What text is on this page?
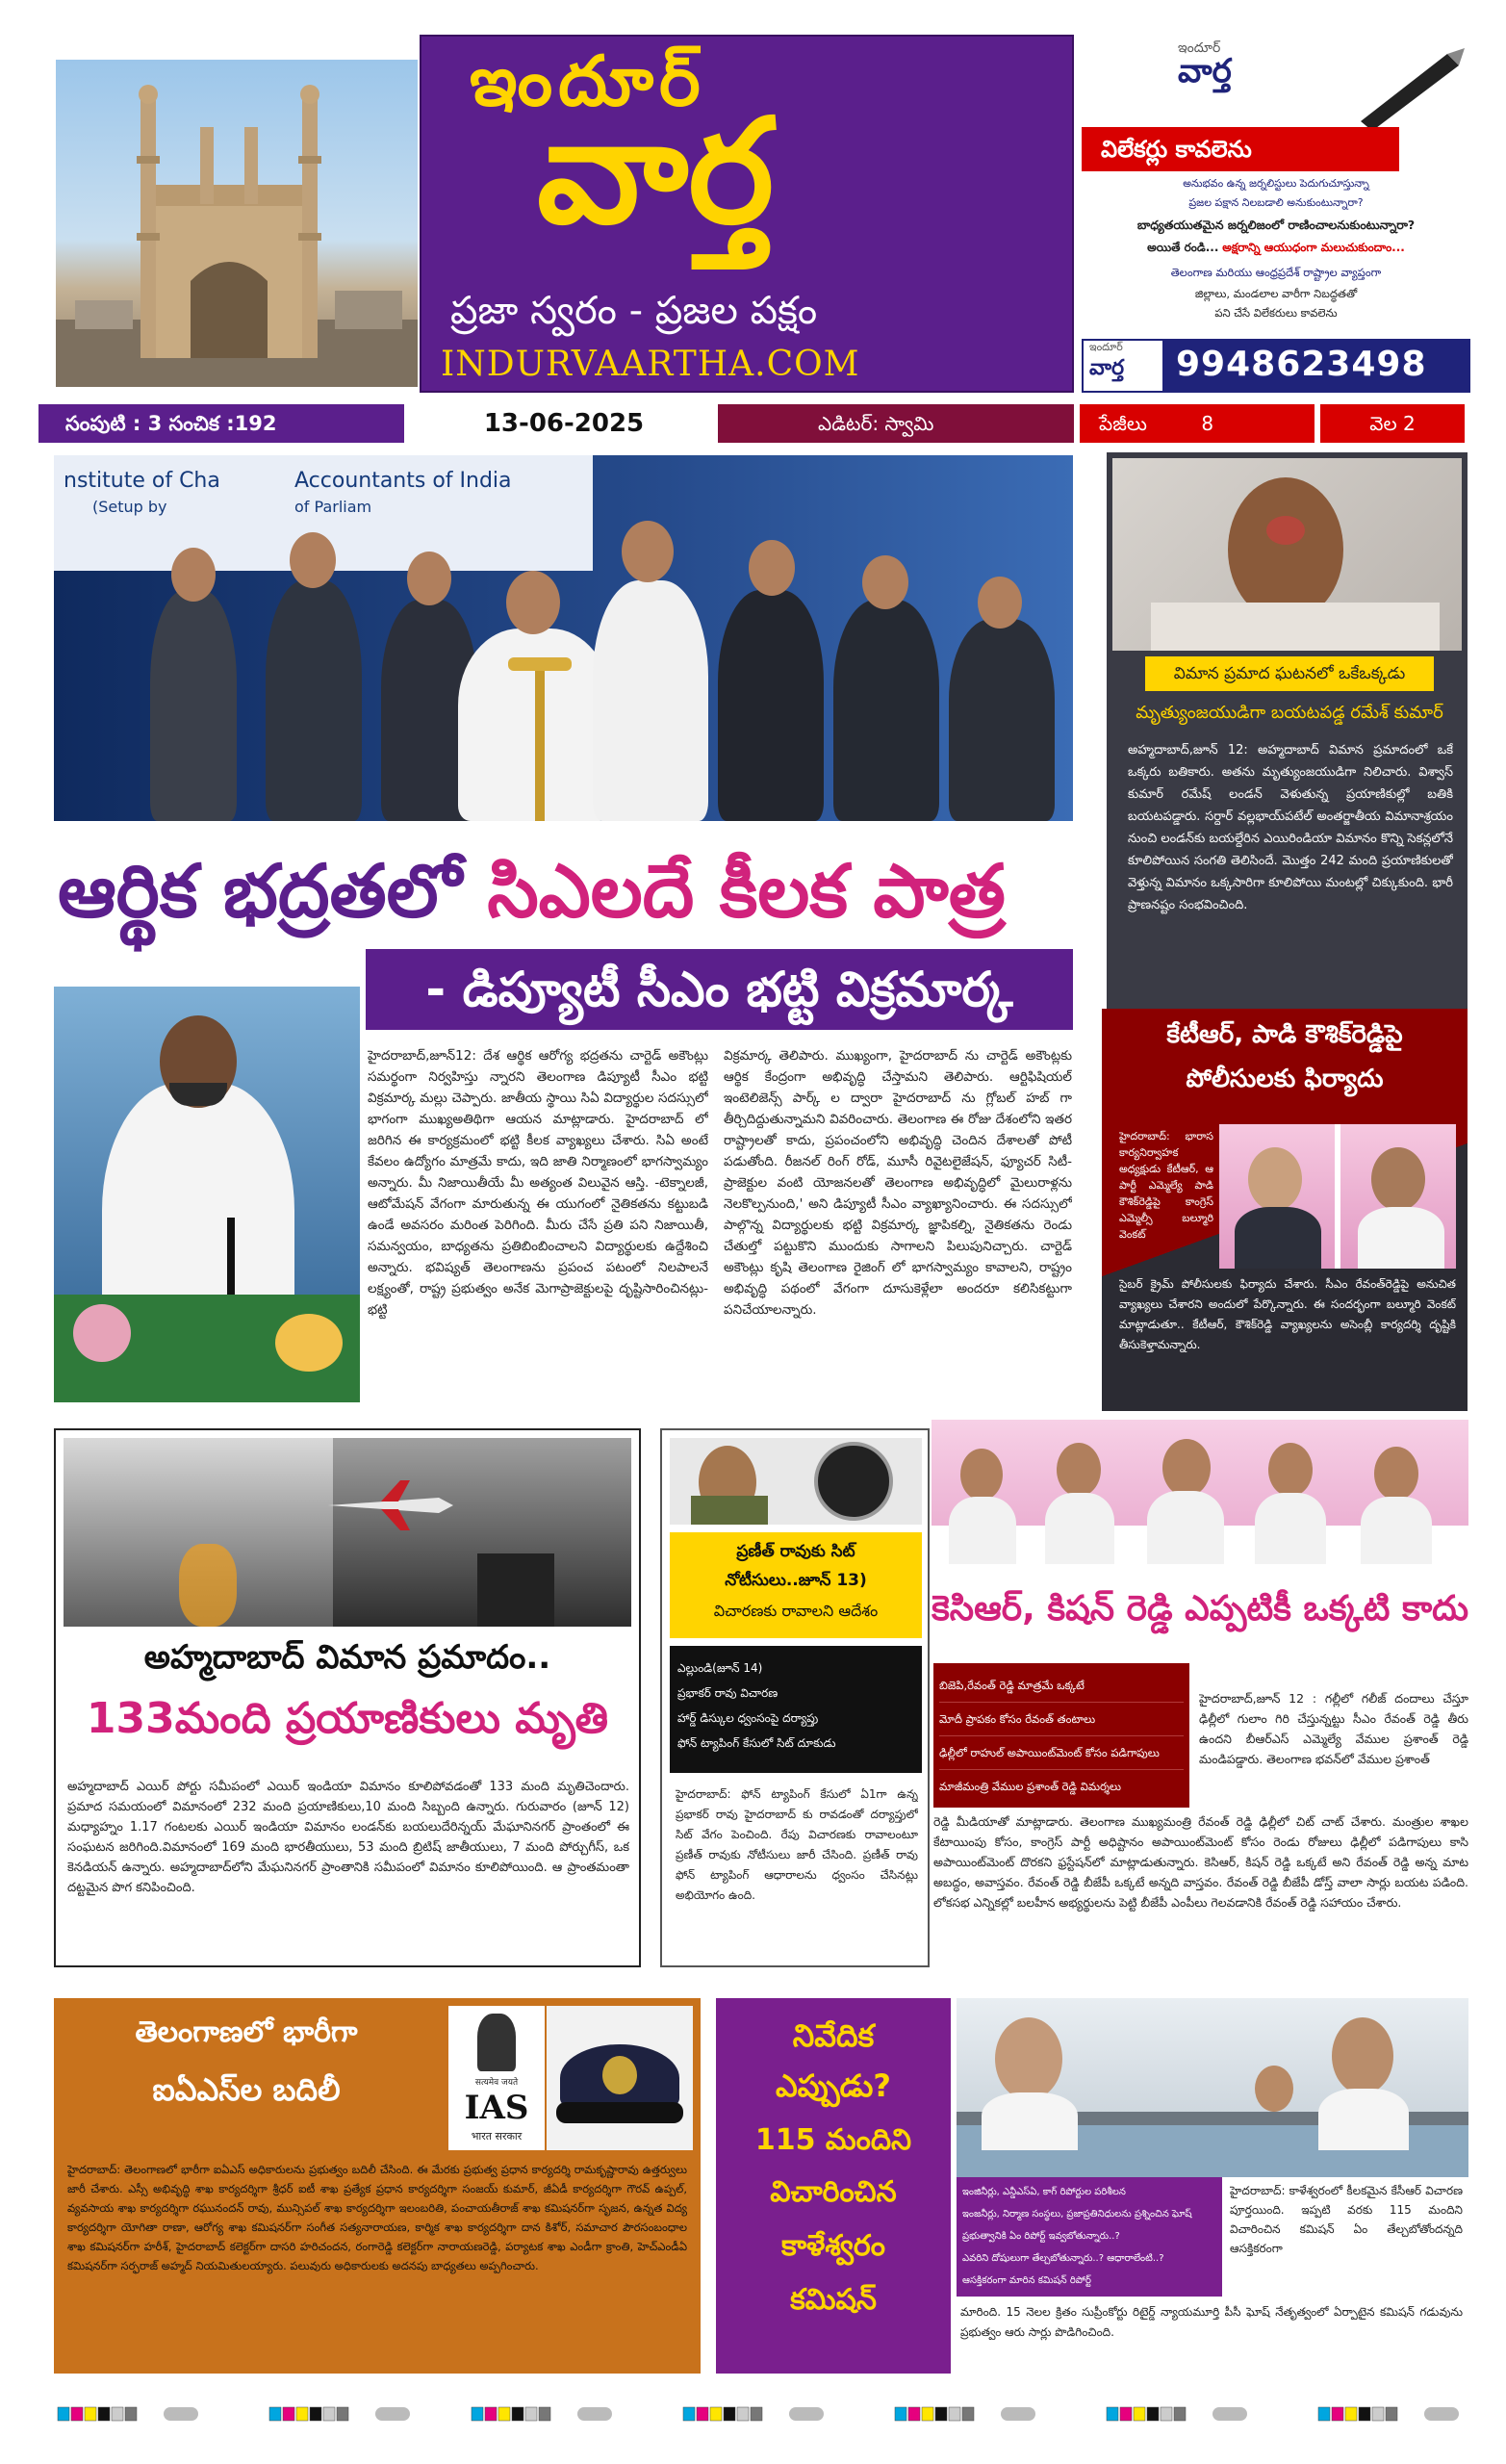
ఇందూర్
వార్త
ప్రజా స్వరం - ప్రజల పక్షం
INDURVAARTHA.COM
ఇందూర్
వార్త
విలేకర్లు కావలెను
అనుభవం ఉన్న జర్నలిస్టులు పెదుగుచూస్తున్నా
ప్రజల పక్షాన నిలబడాలి అనుకుంటున్నారా?
బాధ్యతయుతమైన జర్నలిజంలో రాణించాలనుకుంటున్నారా?
అయితే రండి... అక్షరాన్ని ఆయుధంగా మలుచుకుందాం...
తెలంగాణ మరియు ఆంధ్రప్రదేశ్ రాష్ట్రాల వ్యాప్తంగా
జిల్లాలు, మండలాల వారీగా నిబద్ధతతో
పని చేసే విలేకరులు కావలెను
ఇందూర్
వార్త	9948623498
సంపుటి : 3 సంచిక :192	13-06-2025	ఎడిటర్: స్వామి	పేజీలు	8	వెల 2
nstitute of Cha	Accountants of India
(Setup by	of Parliam
ఆర్థిక భద్రతలో సిఎలదే కీలక పాత్ర
- డిప్యూటీ సీఎం భట్టి విక్రమార్క
హైదరాబాద్,జూన్12: దేశ ఆర్థిక ఆరోగ్య భద్రతను చార్టెడ్ అకౌంట్లు సమర్థంగా నిర్వహిస్తు న్నారని తెలంగాణ డిప్యూటీ సీఎం భట్టి విక్రమార్క మల్లు చెప్పారు. జాతీయ స్థాయి సిఏ విద్యార్థుల సదస్సులో భాగంగా ముఖ్యఅతిథిగా ఆయన మాట్లాడారు. హైదరాబాద్ లో జరిగిన ఈ కార్యక్రమంలో భట్టి కీలక వ్యాఖ్యలు చేశారు. సిఏ అంటే కేవలం ఉద్యోగం మాత్రమే కాదు, ఇది జాతి నిర్మాణంలో భాగస్వామ్యం అన్నారు. మీ నిజాయితీయే మీ అత్యంత విలువైన ఆస్తి. -టెక్నాలజీ, ఆటోమేషన్ వేగంగా మారుతున్న ఈ యుగంలో నైతికతను కట్టుబడి ఉండే అవసరం మరింత పెరిగింది. మీరు చేసే ప్రతి పని నిజాయితీ, సమన్వయం, బాధ్యతను ప్రతిబింబించాలని విద్యార్థులకు ఉద్దేశించి అన్నారు. భవిష్యత్ తెలంగాణను ప్రపంచ పటంలో నిలపాలనే లక్ష్యంతో, రాష్ట్ర ప్రభుత్వం అనేక మెగాప్రాజెక్టులపై దృష్టిసారించినట్లు- భట్టి
విక్రమార్క తెలిపారు. ముఖ్యంగా, హైదరాబాద్ ను చార్టెడ్ అకౌంట్లకు ఆర్థిక కేంద్రంగా అభివృద్ధి చేస్తామని తెలిపారు. ఆర్టిఫిషియల్ ఇంటెలిజెన్స్ పార్క్ ల ద్వారా హైదరాబాద్ ను గ్లోబల్ హబ్ గా తీర్చిదిద్దుతున్నామని వివరించారు. తెలంగాణ ఈ రోజు దేశంలోని ఇతర రాష్ట్రాలతో కాదు, ప్రపంచంలోని అభివృద్ధి చెందిన దేశాలతో పోటీ పడుతోంది. రీజనల్ రింగ్ రోడ్, మూసీ రివైటలైజేషన్, ఫ్యూచర్ సిటీ- ప్రాజెక్టుల వంటి యోజనలతో తెలంగాణ అభివృద్ధిలో మైలురాళ్లను నెలకొల్పనుంది,' అని డిప్యూటీ సీఎం వ్యాఖ్యానించారు. ఈ సదస్సులో పాల్గొన్న విద్యార్థులకు భట్టి విక్రమార్క జ్ఞాపికల్ని, నైతికతను రెండు చేతుల్తో పట్టుకొని ముందుకు సాగాలని పిలుపునిచ్చారు. చార్టెడ్ అకౌంట్లు కృషి తెలంగాణ రైజింగ్ లో భాగస్వామ్యం కావాలని, రాష్ట్రం అభివృద్ధి పథంలో వేగంగా దూసుకెళ్లేలా అందరూ కలిసికట్టుగా పనిచేయాలన్నారు.
విమాన ప్రమాద ఘటనలో ఒకేఒక్కడు
మృత్యుంజయుడిగా బయటపడ్డ రమేశ్ కుమార్
అహ్మదాబాద్,జూన్ 12: అహ్మదాబాద్ విమాన ప్రమాదంలో ఒకే ఒక్కరు బతికారు. అతను మృత్యుంజయుడిగా నిలిచారు. విశ్వాస్ కుమార్ రమేష్ లండన్ వెళుతున్న ప్రయాణికుల్లో బతికి బయటపడ్డారు. సర్దార్ వల్లభాయ్‌పటేల్ అంతర్జాతీయ విమానాశ్రయం నుంచి లండన్‌కు బయల్దేరిన ఎయిరిండియా విమానం కొన్ని సెకన్లలోనే కూలిపోయిన సంగతి తెలిసిందే. మొత్తం 242 మంది ప్రయాణికులతో వెళ్తున్న విమానం ఒక్కసారిగా కూలిపోయి మంటల్లో చిక్కుకుంది. భారీ ప్రాణనష్టం సంభవించింది.
కేటీఆర్, పాడి కౌశిక్‌రెడ్డిపై
పోలీసులకు ఫిర్యాదు
హైదరాబాద్: భారాస కార్యనిర్వాహక అధ్యక్షుడు కేటీఆర్, ఆ పార్టీ ఎమ్మెల్యే పాడి కౌశిక్‌రెడ్డిపై కాంగ్రెస్ ఎమ్మెల్సీ బల్మూరి వెంకట్
సైబర్ క్రైమ్ పోలీసులకు ఫిర్యాదు చేశారు. సీఎం రేవంత్‌రెడ్డిపై అనుచిత వ్యాఖ్యలు చేశారని అందులో పేర్కొన్నారు. ఈ సందర్భంగా బల్మూరి వెంకట్ మాట్లాడుతూ.. కేటీఆర్, కౌశిక్‌రెడ్డి వ్యాఖ్యలను అసెంబ్లీ కార్యదర్శి దృష్టికి తీసుకెళ్తామన్నారు.
అహ్మదాబాద్ విమాన ప్రమాదం..
133మంది ప్రయాణికులు మృతి
అహ్మదాబాద్ ఎయిర్ పోర్టు సమీపంలో ఎయిర్ ఇండియా విమానం కూలిపోవడంతో 133 మంది మృతిచెందారు. ప్రమాద సమయంలో విమానంలో 232 మంది ప్రయాణికులు,10 మంది సిబ్బంది ఉన్నారు. గురువారం (జూన్ 12) మధ్యాహ్నం 1.17 గంటలకు ఎయిర్ ఇండియా విమానం లండన్‌కు బయలుదేరిన్నయ్ మేఘానినగర్ ప్రాంతంలో ఈ సంఘటన జరిగింది.విమానంలో 169 మంది భారతీయులు, 53 మంది బ్రిటిష్ జాతీయులు, 7 మంది పోర్చుగీస్, ఒక కెనడియన్ ఉన్నారు. అహ్మదాబాద్‌లోని మేఘనినగర్ ప్రాంతానికి సమీపంలో విమానం కూలిపోయింది. ఆ ప్రాంతమంతా దట్టమైన పొగ కనిపించింది.
ప్రణీత్ రావుకు సిట్
నోటీసులు..జూన్ 13)
విచారణకు రావాలని ఆదేశం
ఎల్లుండి(జూన్ 14)
ప్రభాకర్ రావు విచారణ
హార్డ్ డిస్కుల ధ్వంసంపై దర్యాప్తు
ఫోన్ ట్యాపింగ్ కేసులో సిట్ దూకుడు
హైదరాబాద్: ఫోన్ ట్యాపింగ్ కేసులో ఏ1గా ఉన్న ప్రభాకర్ రావు హైదరాబాద్ కు రావడంతో దర్యాప్తులో సిట్ వేగం పెంచింది. రేపు విచారణకు రావాలంటూ ప్రణీత్ రావుకు నోటీసులు జారీ చేసింది. ప్రణీత్ రావు ఫోన్ ట్యాపింగ్ ఆధారాలను ధ్వంసం చేసినట్లు అభియోగం ఉంది.
కెసిఆర్, కిషన్ రెడ్డి ఎప్పటికీ ఒక్కటి కాదు
బిజెపి,రేవంత్ రెడ్డి మాత్రమే ఒక్కటే
మోదీ ప్రాపకం కోసం రేవంత్ తంటాలు
ఢిల్లీలో రాహుల్ అపాయింట్‌మెంట్ కోసం పడిగాపులు
మాజీమంత్రి వేముల ప్రశాంత్ రెడ్డి విమర్శలు
హైదరాబాద్,జూన్ 12 : గల్లీలో గలీజ్ దందాలు చేస్తూ ఢిల్లీలో గులాం గిరి చేస్తున్నట్టు సీఎం రేవంత్ రెడ్డి తీరు ఉందని బీఆర్ఎస్ ఎమ్మెల్యే వేముల ప్రశాంత్ రెడ్డి మండిపడ్డారు. తెలంగాణ భవన్‌లో వేముల ప్రశాంత్
రెడ్డి మీడియాతో మాట్లాడారు. తెలంగాణ ముఖ్యమంత్రి రేవంత్ రెడ్డి ఢిల్లీలో చిట్ చాట్ చేశారు. మంత్రుల శాఖల కేటాయింపు కోసం, కాంగ్రెస్ పార్టీ అధిష్టానం అపాయింట్‌మెంట్ కోసం రెండు రోజులు ఢిల్లీలో పడిగాపులు కాసి అపాయింట్‌మెంట్ దొరకని ఫ్రస్టేషన్‌లో మాట్లాడుతున్నారు. కెసిఆర్, కిషన్ రెడ్డి ఒక్కటే అని రేవంత్ రెడ్డి అన్న మాట అబద్ధం, అవాస్తవం. రేవంత్ రెడ్డి బీజేపీ ఒక్కటే అన్నది వాస్తవం. రేవంత్ రెడ్డి బీజేపీ డోస్త్ వాలా సార్లు బయట పడింది. లోకసభ ఎన్నికల్లో బలహీన అభ్యర్థులను పెట్టి బీజేపీ ఎంపీలు గెలవడానికి రేవంత్ రెడ్డి సహాయం చేశారు.
తెలంగాణలో భారీగా
ఐఏఎస్‌ల బదిలీ	सत्यमेव जयते
IAS
भारत सरकार
హైదరాబాద్: తెలంగాణలో భారీగా ఐఏఎస్ అధికారులను ప్రభుత్వం బదిలీ చేసింది. ఈ మేరకు ప్రభుత్వ ప్రధాన కార్యదర్శి రామకృష్ణారావు ఉత్తర్వులు జారీ చేశారు. ఎస్సీ అభివృద్ధి శాఖ కార్యదర్శిగా శ్రీధర్ ఐటీ శాఖ ప్రత్యేక ప్రధాన కార్యదర్శిగా సంజయ్ కుమార్, జీఏడీ కార్యదర్శిగా గౌరవ్ ఉప్పల్, వ్యవసాయ శాఖ కార్యదర్శిగా రఘునందన్ రావు, మున్సిపల్ శాఖ కార్యదర్శిగా ఇలంబరితి, పంచాయతీరాజ్ శాఖ కమిషనర్‌గా సృజన, ఉన్నత విద్య కార్యదర్శిగా యోగితా రాణా, ఆరోగ్య శాఖ కమిషనర్‌గా సంగీత సత్యనారాయణ, కార్మిక శాఖ కార్యదర్శిగా దాన కిశోర్, సమాచార పౌరసంబంధాల శాఖ కమిషనర్‌గా హరీశ్, హైదరాబాద్ కలెక్టర్‌గా దాసరి హరిచందన, రంగారెడ్డి కలెక్టర్‌గా నారాయణరెడ్డి, పర్యాటక శాఖ ఎండీగా క్రాంతి, హెచ్ఎండీఏ కమిషనర్‌గా సర్ఫరాజ్ అహ్మద్ నియమితులయ్యారు. పలువురు అధికారులకు అదనపు బాధ్యతలు అప్పగించారు.
నివేదిక
ఎప్పుడు?
115 మందిని
విచారించిన
కాళేశ్వరం
కమిషన్
ఇంజినీర్లు, ఎన్డీఎస్ఏ, కాగ్ రిపోర్టుల పరిశీలన
ఇంజనీర్లు, నిర్మాణ సంస్థలు, ప్రజాప్రతినిధులను ప్రశ్నించిన ఘోష్
ప్రభుత్వానికి ఏం రిపోర్ట్ ఇవ్వబోతున్నారు..?
ఎవరిని దోషులుగా తేల్చబోతున్నారు..? ఆధారాలేంటి..?
ఆసక్తికరంగా మారిన కమిషన్ రిపోర్ట్
హైదరాబాద్: కాళేశ్వరంలో కీలకమైన కేసీఆర్ విచారణ పూర్తయింది. ఇప్పటి వరకు 115 మందిని విచారించిన కమిషన్ ఏం తేల్చబోతోందన్నది ఆసక్తికరంగా
మారింది. 15 నెలల క్రితం సుప్రీంకోర్టు రిటైర్డ్ న్యాయమూర్తి పీసీ ఘోష్ నేతృత్వంలో ఏర్పాటైన కమిషన్ గడువును ప్రభుత్వం ఆరు సార్లు పొడిగించింది.
